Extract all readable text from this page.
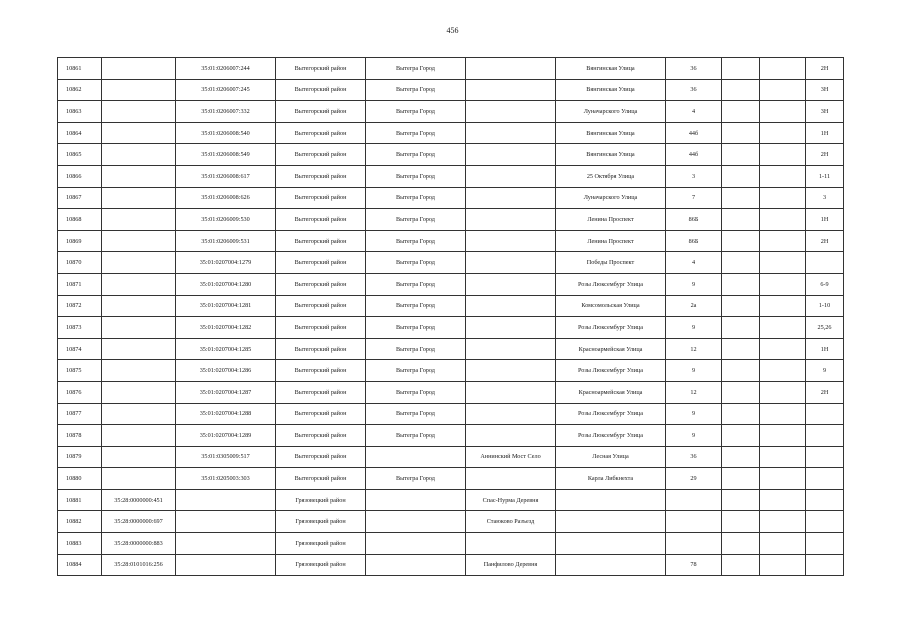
456
10861		35:01:0206007:244	Вытегорский район	Вытегра Город		Вянгинская Улица	36			2Н
10862		35:01:0206007:245	Вытегорский район	Вытегра Город		Вянгинская Улица	36			3Н
10863		35:01:0206007:332	Вытегорский район	Вытегра Город		Луначарского Улица	4			3Н
10864		35:01:0206008:540	Вытегорский район	Вытегра Город		Вянгинская Улица	44б			1Н
10865		35:01:0206008:549	Вытегорский район	Вытегра Город		Вянгинская Улица	44б			2Н
10866		35:01:0206008:617	Вытегорский район	Вытегра Город		25 Октября Улица	3			1-11
10867		35:01:0206008:626	Вытегорский район	Вытегра Город		Луначарского Улица	7			3
10868		35:01:0206009:530	Вытегорский район	Вытегра Город		Ленина Проспект	86Б			1Н
10869		35:01:0206009:531	Вытегорский район	Вытегра Город		Ленина Проспект	86Б			2Н
10870		35:01:0207004:1279	Вытегорский район	Вытегра Город		Победы Проспект	4			
10871		35:01:0207004:1280	Вытегорский район	Вытегра Город		Розы Люксембург Улица	9			6-9
10872		35:01:0207004:1281	Вытегорский район	Вытегра Город		Комсомольская Улица	2а			1-10
10873		35:01:0207004:1282	Вытегорский район	Вытегра Город		Розы Люксембург Улица	9			25,26
10874		35:01:0207004:1285	Вытегорский район	Вытегра Город		Красноармейская Улица	12			1Н
10875		35:01:0207004:1286	Вытегорский район	Вытегра Город		Розы Люксембург Улица	9			9
10876		35:01:0207004:1287	Вытегорский район	Вытегра Город		Красноармейская Улица	12			2Н
10877		35:01:0207004:1288	Вытегорский район	Вытегра Город		Розы Люксембург Улица	9			
10878		35:01:0207004:1289	Вытегорский район	Вытегра Город		Розы Люксембург Улица	9			
10879		35:01:0305009:517	Вытегорский район		Аннинский Мост Село	Лесная Улица	36			
10880		35:01:0205003:303	Вытегорский район	Вытегра Город		Карла Либкнехта	29			
10881	35:28:0000000:451		Грязовецкий район		Спас-Нурма Деревня					
10882	35:28:0000000:697		Грязовецкий район		Стаюково Разъезд					
10883	35:28:0000000:883		Грязовецкий район							
10884	35:28:0101016:256		Грязовецкий район		Панфилово Деревня		78			
